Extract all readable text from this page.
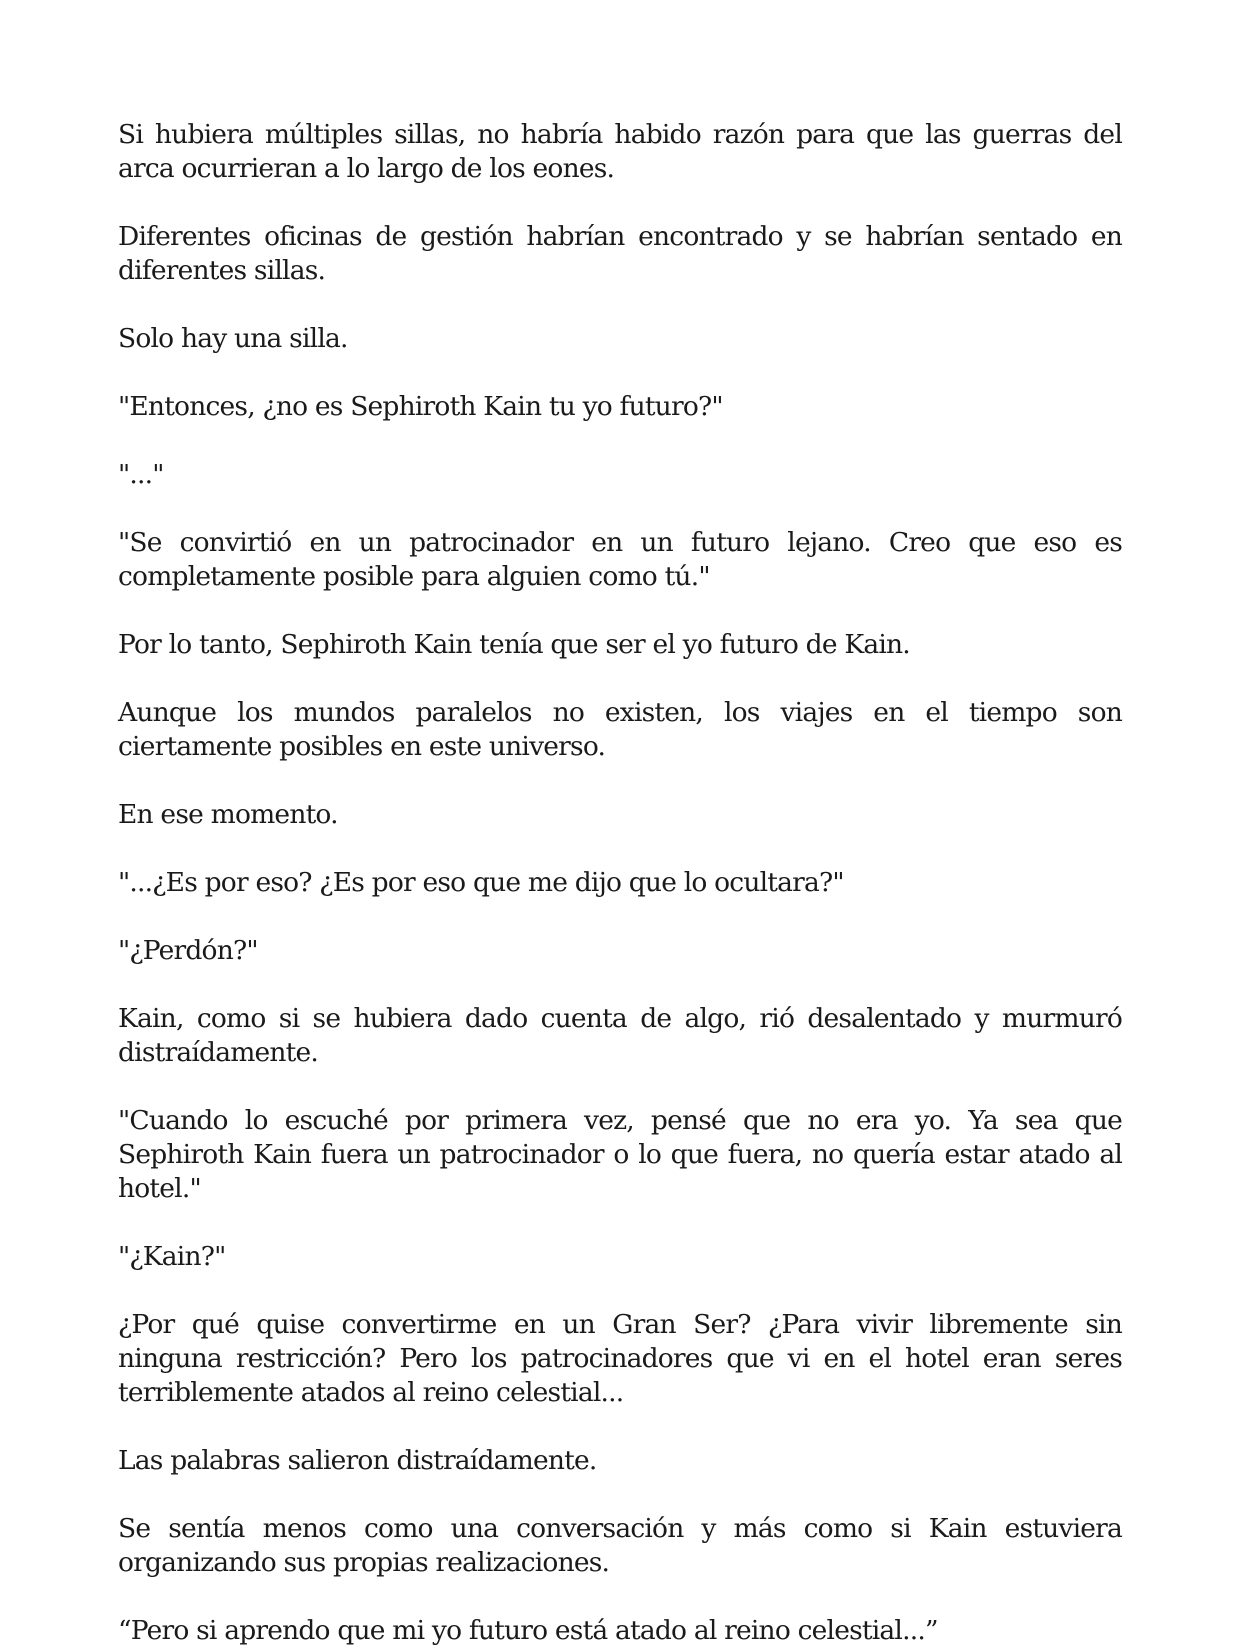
Si hubiera múltiples sillas, no habría habido razón para que las guerras del arca ocurrieran a lo largo de los eones.

Diferentes oficinas de gestión habrían encontrado y se habrían sentado en diferentes sillas.

Solo hay una silla.

"Entonces, ¿no es Sephiroth Kain tu yo futuro?"

"..."

"Se convirtió en un patrocinador en un futuro lejano. Creo que eso es completamente posible para alguien como tú."

Por lo tanto, Sephiroth Kain tenía que ser el yo futuro de Kain.

Aunque los mundos paralelos no existen, los viajes en el tiempo son ciertamente posibles en este universo.

En ese momento.

"...¿Es por eso? ¿Es por eso que me dijo que lo ocultara?"

"¿Perdón?"

Kain, como si se hubiera dado cuenta de algo, rió desalentado y murmuró distraídamente.

"Cuando lo escuché por primera vez, pensé que no era yo. Ya sea que Sephiroth Kain fuera un patrocinador o lo que fuera, no quería estar atado al hotel."

"¿Kain?"

¿Por qué quise convertirme en un Gran Ser? ¿Para vivir libremente sin ninguna restricción? Pero los patrocinadores que vi en el hotel eran seres terriblemente atados al reino celestial...

Las palabras salieron distraídamente.

Se sentía menos como una conversación y más como si Kain estuviera organizando sus propias realizaciones.

“Pero si aprendo que mi yo futuro está atado al reino celestial...”
